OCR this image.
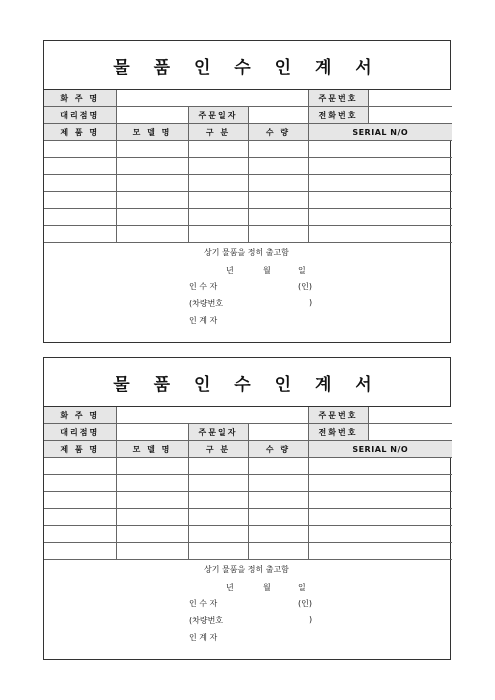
물 품 인 수 인 계 서
화 주 명				주문번호	
대리점명		주문일자		전화번호	
제 품 명	모 델 명	구 분	수 량	SERIAL N/O	

상기 물품을 정히 출고함
년	월	일
인 수 자	(인)
(차량번호	)
인 계 자
물 품 인 수 인 계 서
화 주 명				주문번호	
대리점명		주문일자		전화번호	
제 품 명	모 델 명	구 분	수 량	SERIAL N/O	

상기 물품을 정히 출고함
년	월	일
인 수 자	(인)
(차량번호	)
인 계 자
